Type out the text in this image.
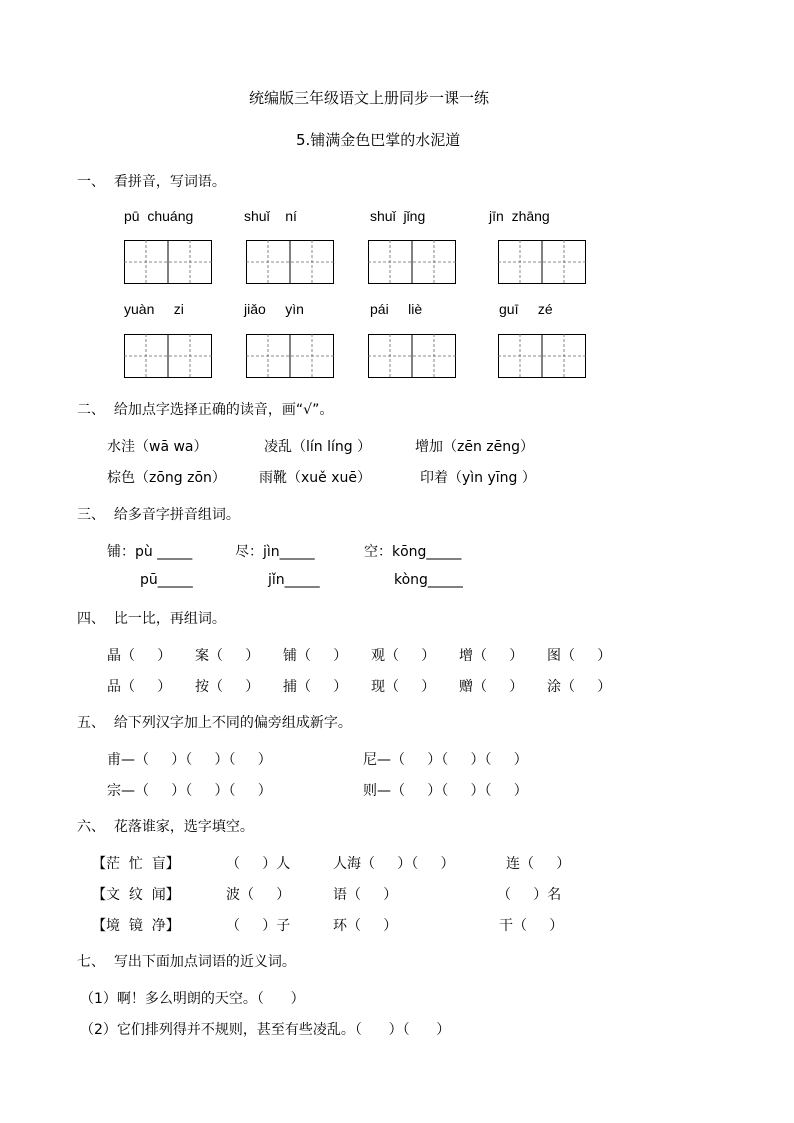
统编版三年级语文上册同步一课一练
5.铺满金色巴掌的水泥道
一、  看拼音，写词语。
pū  chuáng	shuǐ    ní	shuǐ  jǐng	jīn  zhāng
yuàn     zi	jiǎo     yìn	pái     liè	guī     zé
二、  给加点字选择正确的读音，画“√”。
水洼（wā wa）	凌乱（lín líng ）	增加（zēn zēng）
棕色（zōng zōn） 雨靴（xuě xuē）	印着（yìn yīng ）
三、  给多音字拼音组词。
铺：pù _____	尽：jìn_____	空：kōng_____
pū_____	jǐn_____	kòng_____
四、  比一比，再组词。
晶（     ） 案（     ） 铺（     ） 观（     ） 增（     ） 图（     ）
品（     ） 按（     ） 捕（     ） 现（     ） 赠（     ） 涂（     ）
五、  给下列汉字加上不同的偏旁组成新字。
甫—（     ）（     ）（     ）	尼—（     ）（     ）（     ）
宗—（     ）（     ）（     ）	则—（     ）（     ）（     ）
六、  花落谁家，选字填空。
【茫  忙  盲】	（     ）人	人海（     ）（     ）	连（     ）
【文  纹  闻】	波（     ）	语（     ）	（     ）名
【境  镜  净】	（     ）子	环（     ）	干（     ）
七、  写出下面加点词语的近义词。
（1）啊！多么明朗的天空。（      ）
（2）它们排列得并不规则，甚至有些凌乱。（      ）（      ）
